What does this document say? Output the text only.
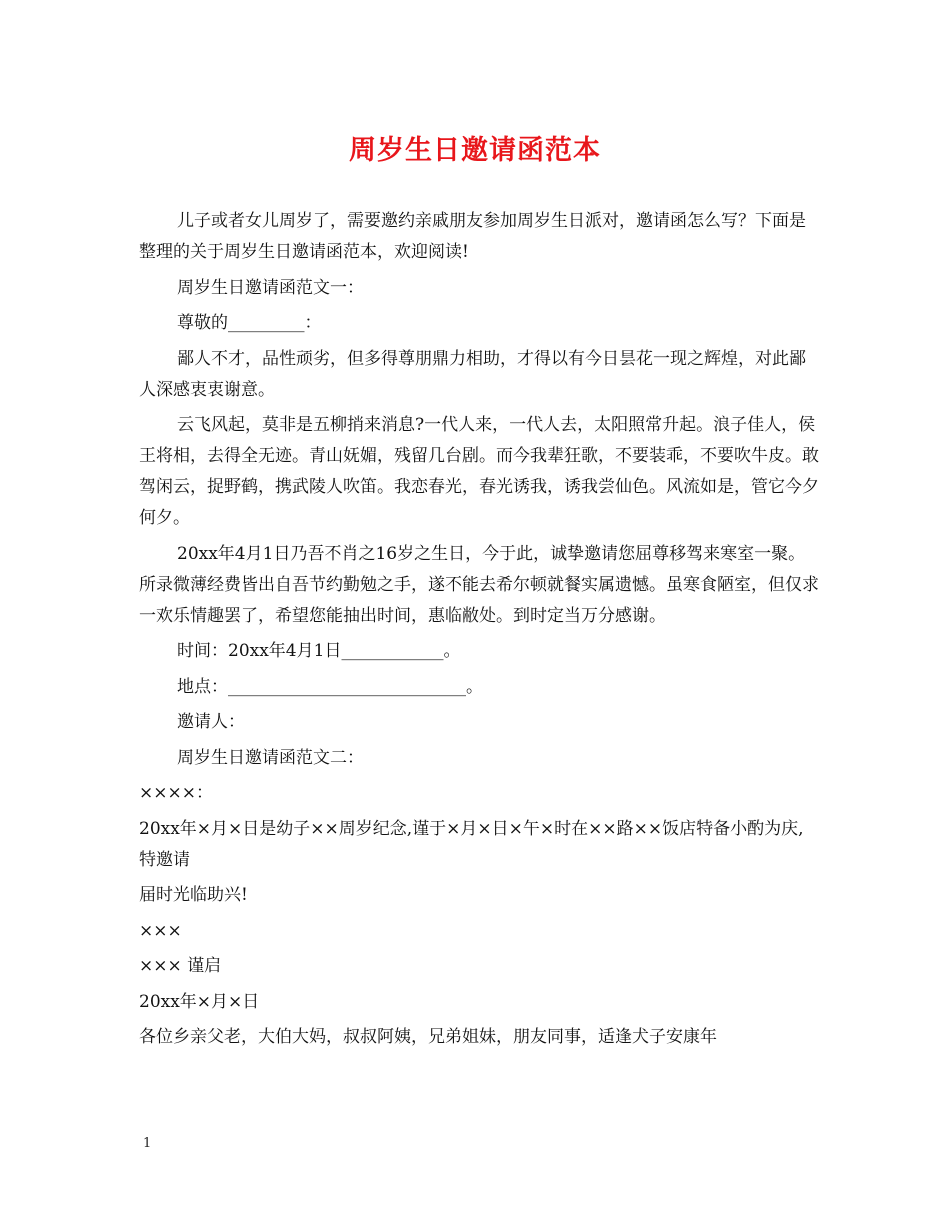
周岁生日邀请函范本

儿子或者女儿周岁了，需要邀约亲戚朋友参加周岁生日派对，邀请函怎么写？下面是整理的关于周岁生日邀请函范本，欢迎阅读!

周岁生日邀请函范文一：

尊敬的_________：

鄙人不才，品性顽劣，但多得尊朋鼎力相助，才得以有今日昙花一现之辉煌，对此鄙人深感衷衷谢意。

云飞风起，莫非是五柳捎来消息?一代人来，一代人去，太阳照常升起。浪子佳人，侯王将相，去得全无迹。青山妩媚，残留几台剧。而今我辈狂歌，不要装乖，不要吹牛皮。敢驾闲云，捉野鹤，携武陵人吹笛。我恋春光，春光诱我，诱我尝仙色。风流如是，管它今夕何夕。

20xx年4月1日乃吾不肖之16岁之生日，今于此，诚挚邀请您屈尊移驾来寒室一聚。所录微薄经费皆出自吾节约勤勉之手，遂不能去希尔顿就餐实属遗憾。虽寒食陋室，但仅求一欢乐情趣罢了，希望您能抽出时间，惠临敝处。到时定当万分感谢。

时间：20xx年4月1日____________。

地点：____________________________。

邀请人：

周岁生日邀请函范文二：

××××：

20xx年×月×日是幼子××周岁纪念,谨于×月×日×午×时在××路××饭店特备小酌为庆,特邀请

届时光临助兴!

×××

××× 谨启

20xx年×月×日

各位乡亲父老，大伯大妈，叔叔阿姨，兄弟姐妹，朋友同事，适逢犬子安康年

1
